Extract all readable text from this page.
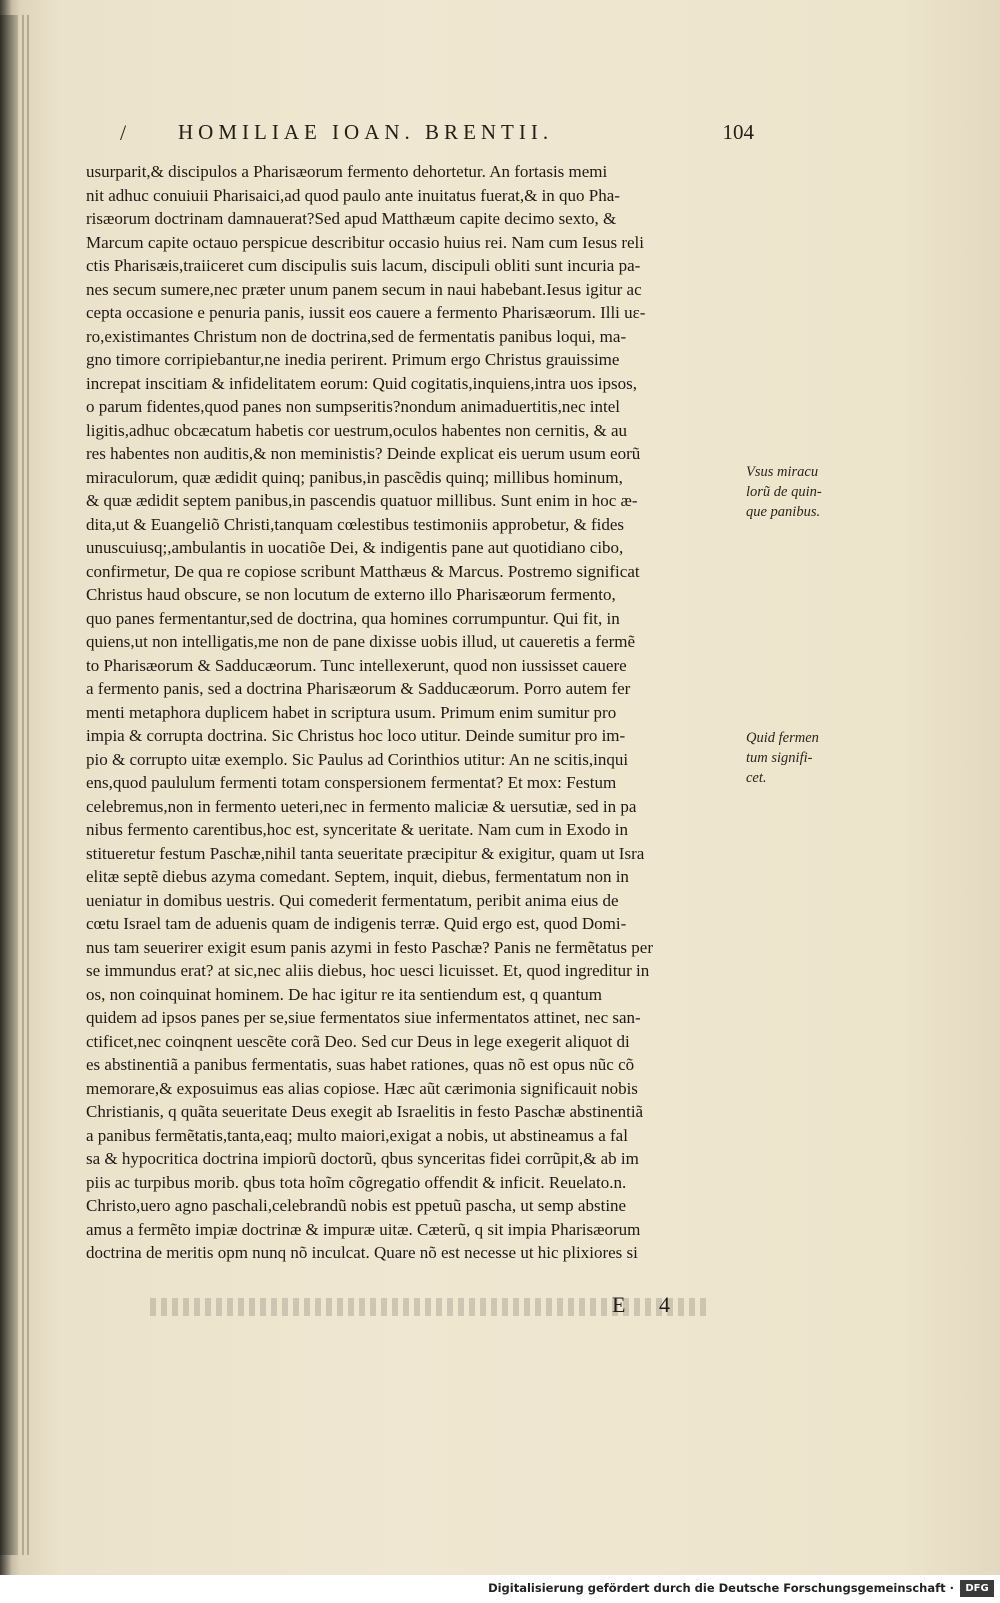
/ HOMILIAE IOAN. BRENTII.	104
usurparit,& discipulos a Pharisæorum fermento dehortetur. An fortasis memi
nit adhuc conuiuii Pharisaici,ad quod paulo ante inuitatus fuerat,& in quo Pha-
risæorum doctrinam damnauerat?Sed apud Matthæum capite decimo sexto, &
Marcum capite octauo perspicue describitur occasio huius rei. Nam cum Iesus reli
ctis Pharisæis,traiiceret cum discipulis suis lacum, discipuli obliti sunt incuria pa-
nes secum sumere,nec præter unum panem secum in naui habebant.Iesus igitur ac
cepta occasione e penuria panis, iussit eos cauere a fermento Pharisæorum. Illi uε-
ro,existimantes Christum non de doctrina,sed de fermentatis panibus loqui, ma-
gno timore corripiebantur,ne inedia perirent. Primum ergo Christus grauissime
increpat inscitiam & infidelitatem eorum: Quid cogitatis,inquiens,intra uos ipsos,
o parum fidentes,quod panes non sumpseritis?nondum animaduertitis,nec intel
ligitis,adhuc obcæcatum habetis cor uestrum,oculos habentes non cernitis, & au
res habentes non auditis,& non meministis? Deinde explicat eis uerum usum eorũ
miraculorum, quæ ædidit quinq; panibus,in pascẽdis quinq; millibus hominum,
& quæ ædidit septem panibus,in pascendis quatuor millibus. Sunt enim in hoc æ-
dita,ut & Euangeliõ Christi,tanquam cœlestibus testimoniis approbetur, & fides
unuscuiusq;,ambulantis in uocatiõe Dei, & indigentis pane aut quotidiano cibo,
confirmetur, De qua re copiose scribunt Matthæus & Marcus. Postremo significat
Christus haud obscure, se non locutum de externo illo Pharisæorum fermento,
quo panes fermentantur,sed de doctrina, qua homines corrumpuntur. Qui fit, in
quiens,ut non intelligatis,me non de pane dixisse uobis illud, ut caueretis a fermẽ
to Pharisæorum & Sadducæorum. Tunc intellexerunt, quod non iussisset cauere
a fermento panis, sed a doctrina Pharisæorum & Sadducæorum. Porro autem fer
menti metaphora duplicem habet in scriptura usum. Primum enim sumitur pro
impia & corrupta doctrina. Sic Christus hoc loco utitur. Deinde sumitur pro im-
pio & corrupto uitæ exemplo. Sic Paulus ad Corinthios utitur: An ne scitis,inqui
ens,quod paululum fermenti totam conspersionem fermentat? Et mox: Festum
celebremus,non in fermento ueteri,nec in fermento maliciæ & uersutiæ, sed in pa
nibus fermento carentibus,hoc est, synceritate & ueritate. Nam cum in Exodo in
stitueretur festum Paschæ,nihil tanta seueritate præcipitur & exigitur, quam ut Isra
elitæ septẽ diebus azyma comedant. Septem, inquit, diebus, fermentatum non in
ueniatur in domibus uestris. Qui comederit fermentatum, peribit anima eius de
cœtu Israel tam de aduenis quam de indigenis terræ. Quid ergo est, quod Domi-
nus tam seuerirer exigit esum panis azymi in festo Paschæ? Panis ne fermẽtatus per
se immundus erat? at sic,nec aliis diebus, hoc uesci licuisset. Et, quod ingreditur in
os, non coinquinat hominem. De hac igitur re ita sentiendum est, q quantum
quidem ad ipsos panes per se,siue fermentatos siue infermentatos attinet, nec san-
ctificet,nec coinqnent uescẽte corã Deo. Sed cur Deus in lege exegerit aliquot di
es abstinentiã a panibus fermentatis, suas habet rationes, quas nõ est opus nũc cõ
memorare,& exposuimus eas alias copiose. Hæc aũt cærimonia significauit nobis
Christianis, q quãta seueritate Deus exegit ab Israelitis in festo Paschæ abstinentiã
a panibus fermẽtatis,tanta,eaq; multo maiori,exigat a nobis, ut abstineamus a fal
sa & hypocritica doctrina impiorũ doctorũ, qbus synceritas fidei corrũpit,& ab im
piis ac turpibus morib. qbus tota hoĩm cõgregatio offendit & inficit. Reuelato.n.
Christo,uero agno paschali,celebrandũ nobis est ppetuũ pascha, ut semp abstine
amus a fermẽto impiæ doctrinæ & impuræ uitæ. Cæterũ, q sit impia Pharisæorum
doctrina de meritis opm nunq nõ inculcat. Quare nõ est necesse ut hic plixiores si
Vsus miracu
lorũ de quin-
que panibus.
Quid fermen
tum signifi-
cet.
E 4
Digitalisierung gefördert durch die Deutsche Forschungsgemeinschaft ·	DFG
